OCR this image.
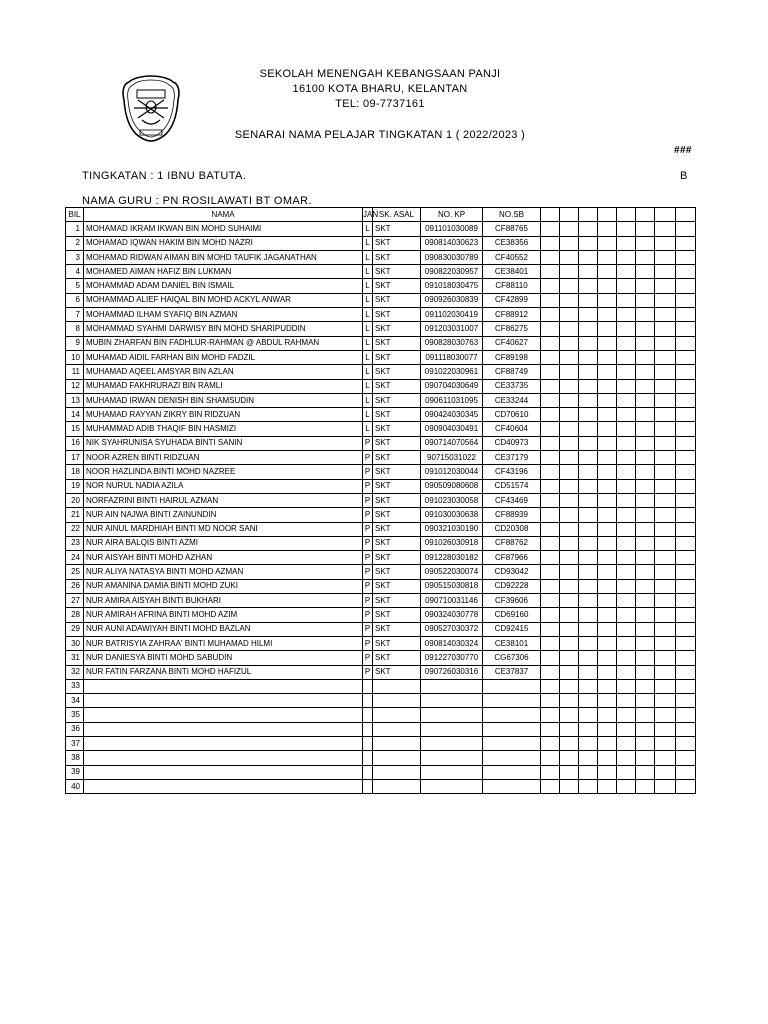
SEKOLAH MENENGAH KEBANGSAAN PANJI
16100 KOTA BHARU, KELANTAN
TEL: 09-7737161
SENARAI NAMA PELAJAR TINGKATAN 1 ( 2022/2023 )
###
TINGKATAN : 1 IBNU BATUTA.	B
NAMA GURU : PN ROSILAWATI BT OMAR.
BIL	NAMA	JAN	SK. ASAL	NO. KP	NO.SB								
1	MOHAMAD IKRAM IKWAN BIN MOHD SUHAIMI	L	SKT	091101030089	CF88765								
2	MOHAMAD IQWAN HAKIM BIN MOHD NAZRI	L	SKT	090814030623	CE38356								
3	MOHAMAD RIDWAN AIMAN BIN MOHD TAUFIK JAGANATHAN	L	SKT	090830030789	CF40552								
4	MOHAMED AIMAN HAFIZ BIN LUKMAN	L	SKT	090822030957	CE38401								
5	MOHAMMAD ADAM DANIEL BIN ISMAIL	L	SKT	091018030475	CF88110								
6	MOHAMMAD ALIEF HAIQAL BIN MOHD ACKYL ANWAR	L	SKT	090926030839	CF42899								
7	MOHAMMAD ILHAM SYAFIQ BIN AZMAN	L	SKT	091102030419	CF88912								
8	MOHAMMAD SYAHMI DARWISY BIN MOHD SHARIPUDDIN	L	SKT	091203031007	CF86275								
9	MUBIN ZHARFAN BIN FADHLUR-RAHMAN @ ABDUL RAHMAN	L	SKT	090828030763	CF40627								
10	MUHAMAD AIDIL FARHAN BIN MOHD FADZIL	L	SKT	091118030077	CF89198								
11	MUHAMAD AQEEL AMSYAR BIN AZLAN	L	SKT	091022030961	CF88749								
12	MUHAMAD FAKHRURAZI BIN RAMLI	L	SKT	090704030649	CE33735								
13	MUHAMAD IRWAN DENISH BIN SHAMSUDIN	L	SKT	090611031095	CE33244								
14	MUHAMAD RAYYAN ZIKRY BIN RIDZUAN	L	SKT	090424030345	CD70610								
15	MUHAMMAD ADIB THAQIF BIN HASMIZI	L	SKT	090904030491	CF40604								
16	NIK SYAHRUNISA SYUHADA BINTI SANIN	P	SKT	090714070564	CD40973								
17	NOOR AZREN BINTI RIDZUAN	P	SKT	90715031022	CE37179								
18	NOOR HAZLINDA BINTI MOHD NAZREE	P	SKT	091012030044	CF43196								
19	NOR NURUL NADIA AZILA	P	SKT	090509080608	CD51574								
20	NORFAZRINI BINTI HAIRUL AZMAN	P	SKT	091023030058	CF43469								
21	NUR AIN NAJWA BINTI ZAINUNDIN	P	SKT	091030030638	CF88939								
22	NUR AINUL MARDHIAH BINTI MD NOOR SANI	P	SKT	090321030190	CD20308								
23	NUR AIRA BALQIS BINTI AZMI	P	SKT	091026030918	CF88762								
24	NUR AISYAH BINTI MOHD AZHAN	P	SKT	091228030182	CF87966								
25	NUR ALIYA NATASYA BINTI MOHD AZMAN	P	SKT	090522030074	CD93042								
26	NUR AMANINA DAMIA BINTI MOHD ZUKI	P	SKT	090515030818	CD92228								
27	NUR AMIRA AISYAH BINTI BUKHARI	P	SKT	090710031146	CF39606								
28	NUR AMIRAH AFRINA BINTI MOHD AZIM	P	SKT	090324030778	CD69160								
29	NUR AUNI ADAWIYAH BINTI MOHD BAZLAN	P	SKT	090527030372	CD92415								
30	NUR BATRISYIA ZAHRAA' BINTI MUHAMAD HILMI	P	SKT	090814030324	CE38101								
31	NUR DANIESYA BINTI MOHD SABUDIN	P	SKT	091227030770	CG67306								
32	NUR FATIN FARZANA BINTI MOHD HAFIZUL	P	SKT	090726030316	CE37837								
33													
34													
35													
36													
37													
38													
39													
40													
